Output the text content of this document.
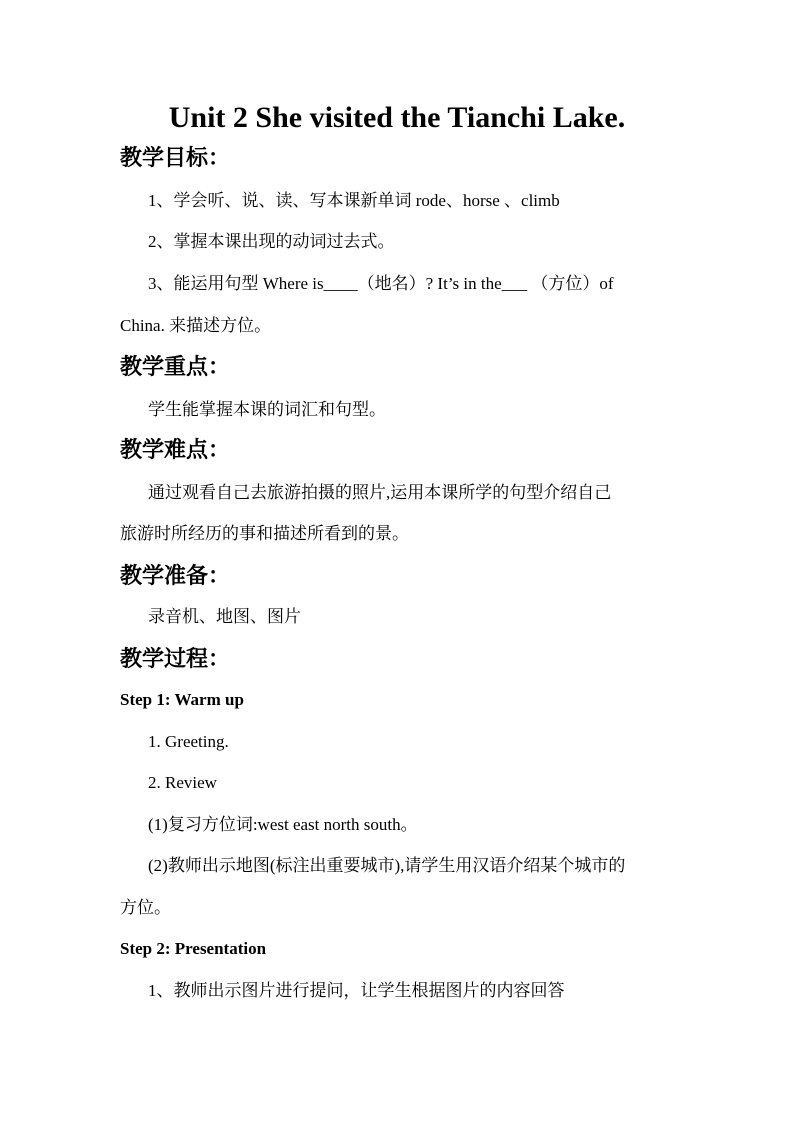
Unit 2 She visited the Tianchi Lake.
教学目标：
1、学会听、说、读、写本课新单词 rode、horse 、climb
2、掌握本课出现的动词过去式。
3、能运用句型 Where is____（地名）? It’s in the___ （方位）of
China. 来描述方位。
教学重点：
学生能掌握本课的词汇和句型。
教学难点：
通过观看自己去旅游拍摄的照片,运用本课所学的句型介绍自己
旅游时所经历的事和描述所看到的景。
教学准备：
录音机、地图、图片
教学过程：
Step 1: Warm up
1. Greeting.
2. Review
(1)复习方位词:west east north south。
(2)教师出示地图(标注出重要城市),请学生用汉语介绍某个城市的
方位。
Step 2: Presentation
1、教师出示图片进行提问，让学生根据图片的内容回答
